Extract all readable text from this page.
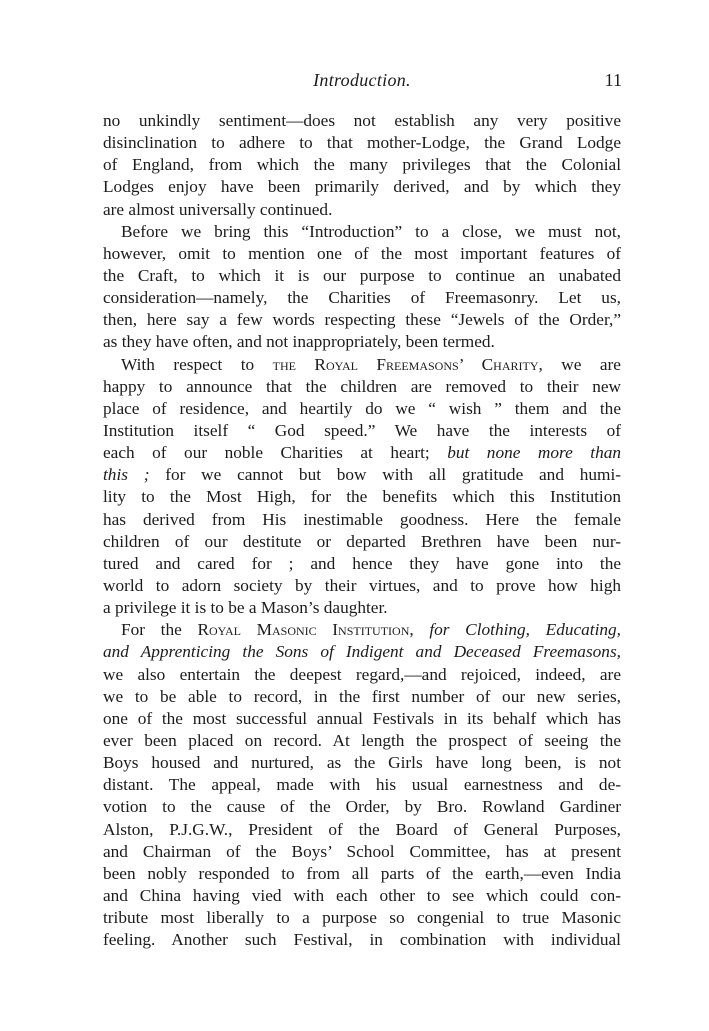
Introduction.	11
no unkindly sentiment—does not establish any very positive
disinclination to adhere to that mother-Lodge, the Grand Lodge
of England, from which the many privileges that the Colonial
Lodges enjoy have been primarily derived, and by which they
are almost universally continued.
Before we bring this “Introduction” to a close, we must not,
however, omit to mention one of the most important features of
the Craft, to which it is our purpose to continue an unabated
consideration—namely, the Charities of Freemasonry. Let us,
then, here say a few words respecting these “Jewels of the Order,”
as they have often, and not inappropriately, been termed.
With respect to the Royal Freemasons’ Charity, we are
happy to announce that the children are removed to their new
place of residence, and heartily do we “ wish ” them and the
Institution itself “ God speed.” We have the interests of
each of our noble Charities at heart; but none more than
this ; for we cannot but bow with all gratitude and humi-
lity to the Most High, for the benefits which this Institution
has derived from His inestimable goodness. Here the female
children of our destitute or departed Brethren have been nur-
tured and cared for ; and hence they have gone into the
world to adorn society by their virtues, and to prove how high
a privilege it is to be a Mason’s daughter.
For the Royal Masonic Institution, for Clothing, Educating,
and Apprenticing the Sons of Indigent and Deceased Freemasons,
we also entertain the deepest regard,—and rejoiced, indeed, are
we to be able to record, in the first number of our new series,
one of the most successful annual Festivals in its behalf which has
ever been placed on record. At length the prospect of seeing the
Boys housed and nurtured, as the Girls have long been, is not
distant. The appeal, made with his usual earnestness and de-
votion to the cause of the Order, by Bro. Rowland Gardiner
Alston, P.J.G.W., President of the Board of General Purposes,
and Chairman of the Boys’ School Committee, has at present
been nobly responded to from all parts of the earth,—even India
and China having vied with each other to see which could con-
tribute most liberally to a purpose so congenial to true Masonic
feeling. Another such Festival, in combination with individual
